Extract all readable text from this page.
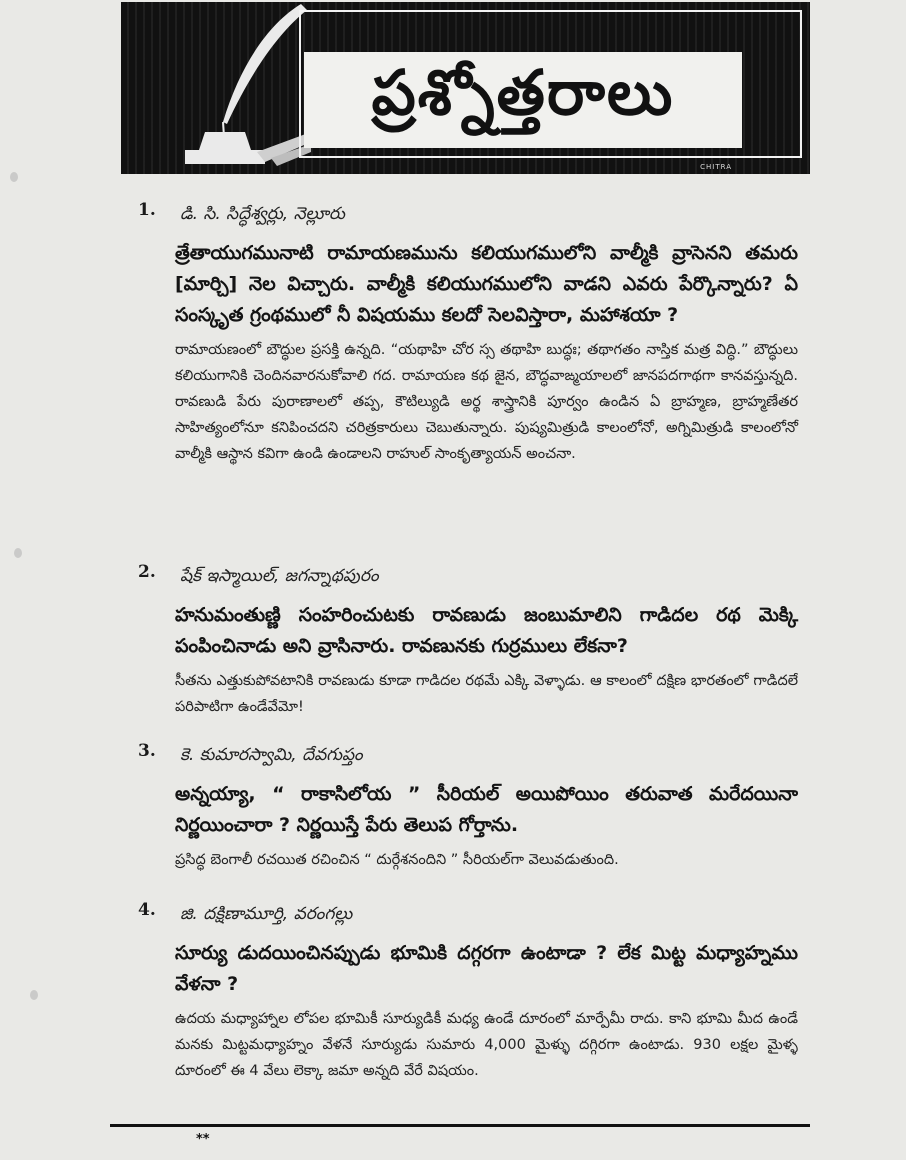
ప్రశ్నోత్తరాలు
CHITRA
1. డి. సి. సిద్ధేశ్వర్లు, నెల్లూరు
త్రేతాయుగమునాటి రామాయణమును కలియుగములోని వాల్మీకి వ్రాసెనని తమరు [మార్చి] నెల విచ్చారు. వాల్మీకి కలియుగములోని వాడని ఎవరు పేర్కొన్నారు? ఏ సంస్కృత గ్రంథములో నీ విషయము కలదో సెలవిస్తారా, మహాశయా ?
రామాయణంలో బౌద్ధుల ప్రసక్తి ఉన్నది. “యథాహి చోర స్స తథాహి బుద్ధః; తథాగతం నాస్తిక మత్ర విద్ధి.” బౌద్ధులు కలియుగానికి చెందినవారనుకోవాలి గద. రామాయణ కథ జైన, బౌద్ధవాఙ్మయాలలో జానపదగాథగా కానవస్తున్నది. రావణుడి పేరు పురాణాలలో తప్ప, కౌటిల్యుడి అర్థ శాస్త్రానికి పూర్వం ఉండిన ఏ బ్రాహ్మణ, బ్రాహ్మణేతర సాహిత్యంలోనూ కనిపించదని చరిత్రకారులు చెబుతున్నారు. పుష్యమిత్రుడి కాలంలోనో, అగ్నిమిత్రుడి కాలంలోనో వాల్మీకి ఆస్థాన కవిగా ఉండి ఉండాలని రాహుల్ సాంకృత్యాయన్ అంచనా.
2. షేక్ ఇస్మాయిల్, జగన్నాథపురం
హనుమంతుణ్ణి సంహరించుటకు రావణుడు జంబుమాలిని గాడిదల రథ మెక్కి పంపించినాడు అని వ్రాసినారు. రావణునకు గుర్రములు లేకనా?
సీతను ఎత్తుకుపోవటానికి రావణుడు కూడా గాడిదల రథమే ఎక్కి వెళ్ళాడు. ఆ కాలంలో దక్షిణ భారతంలో గాడిదలే పరిపాటిగా ఉండేవేమో!
3. కె. కుమారస్వామి, దేవగుప్తం
అన్నయ్యా, “ రాకాసిలోయ ” సీరియల్ అయిపోయిం తరువాత మరేదయినా నిర్ణయించారా ? నిర్ణయిస్తే పేరు తెలుప గోర్తాను.
ప్రసిద్ధ బెంగాలీ రచయిత రచించిన “ దుర్గేశనందిని ” సీరియల్‌గా వెలువడుతుంది.
4. జి. దక్షిణామూర్తి, వరంగల్లు
సూర్యు డుదయించినప్పుడు భూమికి దగ్గరగా ఉంటాడా ? లేక మిట్ట మధ్యాహ్నము వేళనా ?
ఉదయ మధ్యాహ్నాల లోపల భూమికీ సూర్యుడికీ మధ్య ఉండే దూరంలో మార్పేమీ రాదు. కాని భూమి మీద ఉండే మనకు మిట్టమధ్యాహ్నం వేళనే సూర్యుడు సుమారు 4,000 మైళ్ళు దగ్గిరగా ఉంటాడు. 930 లక్షల మైళ్ళ దూరంలో ఈ 4 వేలు లెక్కా జమా అన్నది వేరే విషయం.
**
